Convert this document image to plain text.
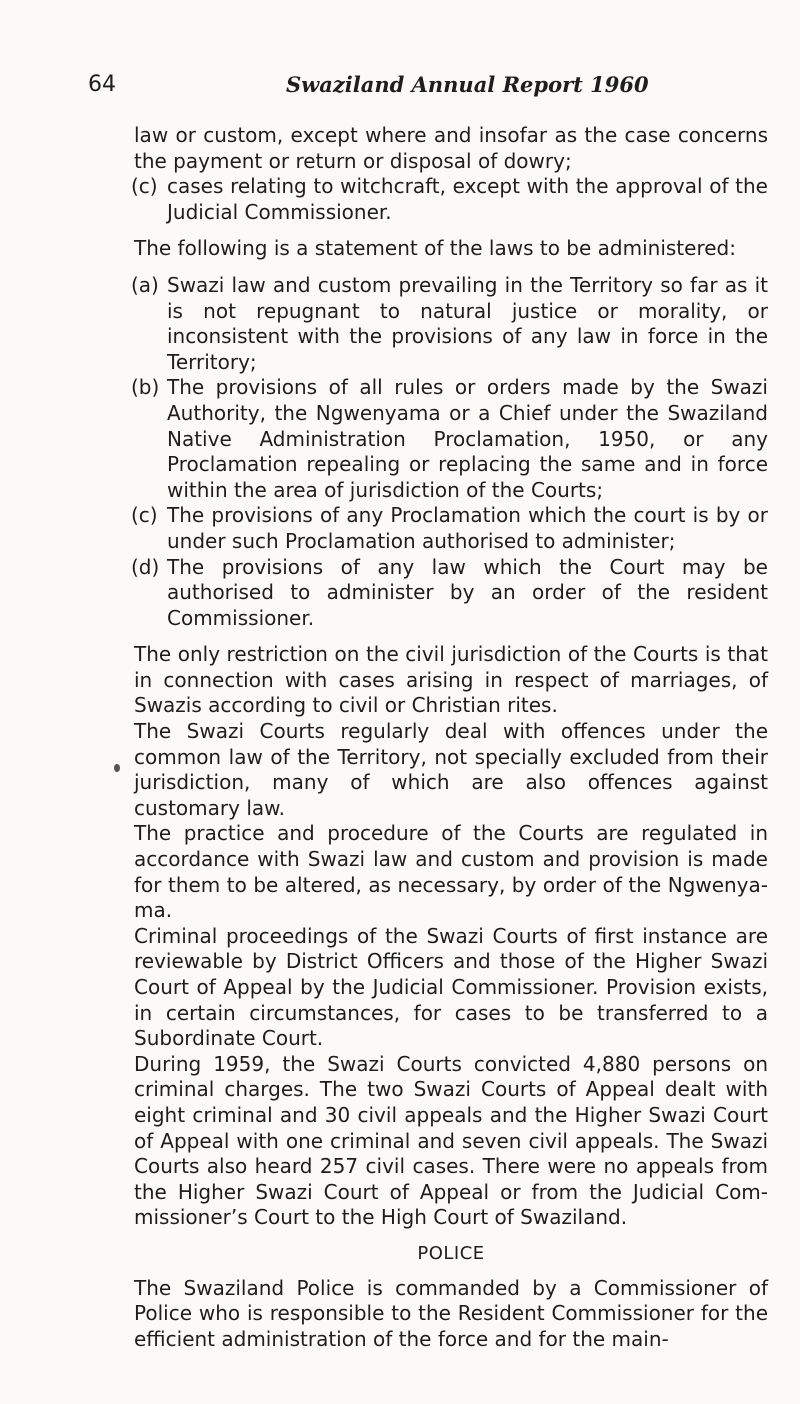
64	Swaziland Annual Report 1960

law or custom, except where and insofar as the case concerns the payment or return or disposal of dowry;

(c) cases relating to witchcraft, except with the approval of the Judicial Commissioner.

The following is a statement of the laws to be administered:

(a) Swazi law and custom prevailing in the Territory so far as it is not repugnant to natural justice or morality, or inconsistent with the provisions of any law in force in the Territory;
(b) The provisions of all rules or orders made by the Swazi Authority, the Ngwenyama or a Chief under the Swaziland Native Administration Proclamation, 1950, or any Proclamation repealing or replacing the same and in force within the area of jurisdiction of the Courts;
(c) The provisions of any Proclamation which the court is by or under such Proclamation authorised to administer;
(d) The provisions of any law which the Court may be authorised to administer by an order of the resident Commissioner.

The only restriction on the civil jurisdiction of the Courts is that in connection with cases arising in respect of marriages, of Swazis according to civil or Christian rites.

The Swazi Courts regularly deal with offences under the common law of the Territory, not specially excluded from their jurisdiction, many of which are also offences against customary law.

The practice and procedure of the Courts are regulated in accordance with Swazi law and custom and provision is made for them to be altered, as necessary, by order of the Ngwenya-ma.

Criminal proceedings of the Swazi Courts of first instance are reviewable by District Officers and those of the Higher Swazi Court of Appeal by the Judicial Commissioner. Provision exists, in certain circumstances, for cases to be transferred to a Subordinate Court.

During 1959, the Swazi Courts convicted 4,880 persons on criminal charges. The two Swazi Courts of Appeal dealt with eight criminal and 30 civil appeals and the Higher Swazi Court of Appeal with one criminal and seven civil appeals. The Swazi Courts also heard 257 civil cases. There were no appeals from the Higher Swazi Court of Appeal or from the Judicial Com-missioner’s Court to the High Court of Swaziland.

POLICE

The Swaziland Police is commanded by a Commissioner of Police who is responsible to the Resident Commissioner for the efficient administration of the force and for the main-
